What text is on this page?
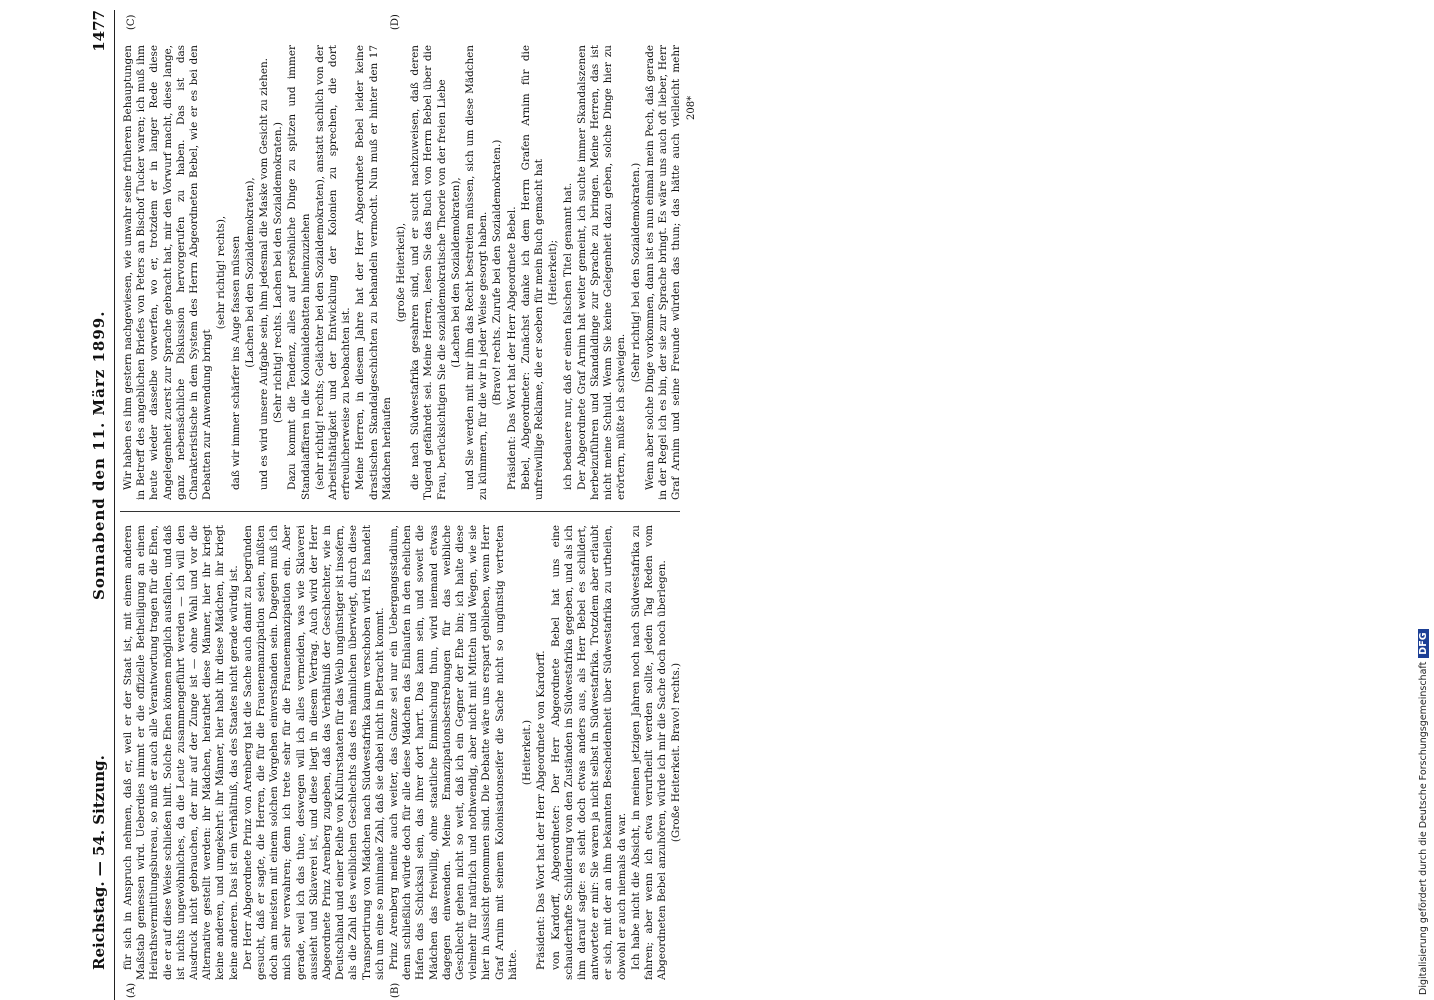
Reichstag. — 54. Sitzung.
Sonnabend den 11. März 1899.
1477
(A)	(B)
(C)	(D)

für sich in Anspruch nehmen, daß er, weil er der Staat ist, mit einem anderen Maßstab gemessen wird. Ueberdies nimmt er die offizielle Betheiligung an einem Heirathsvermittlungsbureau, so muß er auch alle Verantwortung tragen für die Ehen, die er auf diese Weise schließen hilft. Solche Ehen können möglich ausfallen, und daß ist nichts ungewöhnliches, da die Leute zusammengeführt werden — ich will den Ausdruck nicht gebrauchen, der mir auf der Zunge ist — ohne Wahl und vor die Alternative gestellt werden: ihr Mädchen, heirathet diese Männer, hier ihr kriegt keine anderen, und umgekehrt: ihr Männer, hier habt ihr diese Mädchen, ihr kriegt keine anderen. Das ist ein Verhältniß, das des Staates nicht gerade würdig ist. Der Herr Abgeordnete Prinz von Arenberg hat die Sache auch damit zu begründen gesucht, daß er sagte, die Herren, die für die Frauenemanzipation seien, müßten doch am meisten mit einem solchen Vorgehen einverstanden sein. Dagegen muß ich mich sehr verwahren; denn ich trete sehr für die Frauenemanzipation ein. Aber gerade, weil ich das thue, deswegen will ich alles vermeiden, was wie Sklaverei aussieht und Sklaverei ist, und diese liegt in diesem Vertrag. Auch wird der Herr Abgeordnete Prinz Arenberg zugeben, daß das Verhältniß der Geschlechter, wie in Deutschland und einer Reihe von Kulturstaaten für das Weib ungünstiger ist insofern, als die Zahl des weiblichen Geschlechts das des männlichen überwiegt, durch diese Transportirung von Mädchen nach Südwestafrika kaum verschoben wird. Es handelt sich um eine so minimale Zahl, daß sie dabei nicht in Betracht kommt. Prinz Arenberg meinte auch weiter, das Ganze sei nur ein Uebergangsstadium, denn schließlich würde doch für alle diese Mädchen das Einlaufen in den ehelichen Hafen das Schicksal sein, das ihrer dort harrt. Das kann sein, und soweit die Mädchen das freiwillig, ohne staatliche Einmischung thun, wird niemand etwas dagegen einwenden. Meine Emanzipationsbestrebungen für das weibliche Geschlecht gehen nicht so weit, daß ich ein Gegner der Ehe bin; ich halte diese vielmehr für natürlich und nothwendig, aber nicht mit Mitteln und Wegen, wie sie hier in Aussicht genommen sind. Die Debatte wäre uns erspart geblieben, wenn Herr Graf Arnim mit seinem Kolonisationseifer die Sache nicht so ungünstig vertreten hätte.

(Heiterkeit.) Präsident: Das Wort hat der Herr Abgeordnete von Kardorff. von Kardorff, Abgeordneter: Der Herr Abgeordnete Bebel hat uns eine schauderhafte Schilderung von den Zuständen in Südwestafrika gegeben, und als ich ihm darauf sagte: es sieht doch etwas anders aus, als Herr Bebel es schildert, antwortete er mir: Sie waren ja nicht selbst in Südwestafrika. Trotzdem aber erlaubt er sich, mit der an ihm bekannten Bescheidenheit über Südwestafrika zu urtheilen, obwohl er auch niemals da war. Ich habe nicht die Absicht, in meinen jetzigen Jahren noch nach Südwestafrika zu fahren; aber wenn ich etwa verurtheilt werden sollte, jeden Tag Reden vom Abgeordneten Bebel anzuhören, würde ich mir die Sache doch noch überlegen. (Große Heiterkeit. Bravo! rechts.)

Wir haben es ihm gestern nachgewiesen, wie unwahr seine früheren Behauptungen in Betreff des angeblichen Briefes von Peters an Bischof Tucker waren; ich muß ihm heute wieder dasselbe vorwerfen, wo er, trotzdem er in langer Rede diese Angelegenheit zuerst zur Sprache gebracht hat, mir den Vorwurf macht, diese lange, ganz nebensächliche Diskussion hervorgerufen zu haben. Das ist das Charakteristische in dem System des Herrn Abgeordneten Bebel, wie er es bei den Debatten zur Anwendung bringt

(sehr richtig! rechts), daß wir immer schärfer ins Auge fassen müssen (Lachen bei den Sozialdemokraten), und es wird unsere Aufgabe sein, ihm jedesmal die Maske vom Gesicht zu ziehen. (Sehr richtig! rechts. Lachen bei den Sozialdemokraten.) Dazu kommt die Tendenz, alles auf persönliche Dinge zu spitzen und immer Standalaffären in die Kolonialdebatten hineinzuziehen (sehr richtig! rechts; Gelächter bei den Sozialdemokraten), anstatt sachlich von der Arbeitsthätigkeit und der Entwicklung der Kolonien zu sprechen, die dort erfreulicherweise zu beobachten ist. Meine Herren, in diesem Jahre hat der Herr Abgeordnete Bebel leider keine drastischen Skandalgeschichten zu behandeln vermocht. Nun muß er hinter den 17 Mädchen herlaufen

(große Heiterkeit), die nach Südwestafrika gesahren sind, und er sucht nachzuweisen, daß deren Tugend gefährdet sei. Meine Herren, lesen Sie das Buch von Herrn Bebel über die Frau, berücksichtigen Sie die sozialdemokratische Theorie von der freien Liebe (Lachen bei den Sozialdemokraten), und Sie werden mit mir ihm das Recht bestreiten müssen, sich um diese Mädchen zu kümmern, für die wir in jeder Weise gesorgt haben. (Bravo! rechts. Zurufe bei den Sozialdemokraten.) Präsident: Das Wort hat der Herr Abgeordnete Bebel. Bebel, Abgeordneter: Zunächst danke ich dem Herrn Grafen Arnim für die unfreiwillige Reklame, die er soeben für mein Buch gemacht hat (Heiterkeit); ich bedauere nur, daß er einen falschen Titel genannt hat. Der Abgeordnete Graf Arnim hat weiter gemeint, ich suchte immer Skandalszenen herbeizuführen und Skandaldinge zur Sprache zu bringen. Meine Herren, das ist nicht meine Schuld. Wenn Sie keine Gelegenheit dazu geben, solche Dinge hier zu erörtern, müßte ich schweigen.

(Sehr richtig! bei den Sozialdemokraten.)

Wenn aber solche Dinge vorkommen, dann ist es nun einmal mein Pech, daß gerade in der Regel ich es bin, der sie zur Sprache bringt. Es wäre uns auch oft lieber, Herr Graf Arnim und seine Freunde würden das thun; das hätte auch vielleicht mehr

208*
Digitalisierung gefördert durch die Deutsche ForschungsgemeinschaftDFG
